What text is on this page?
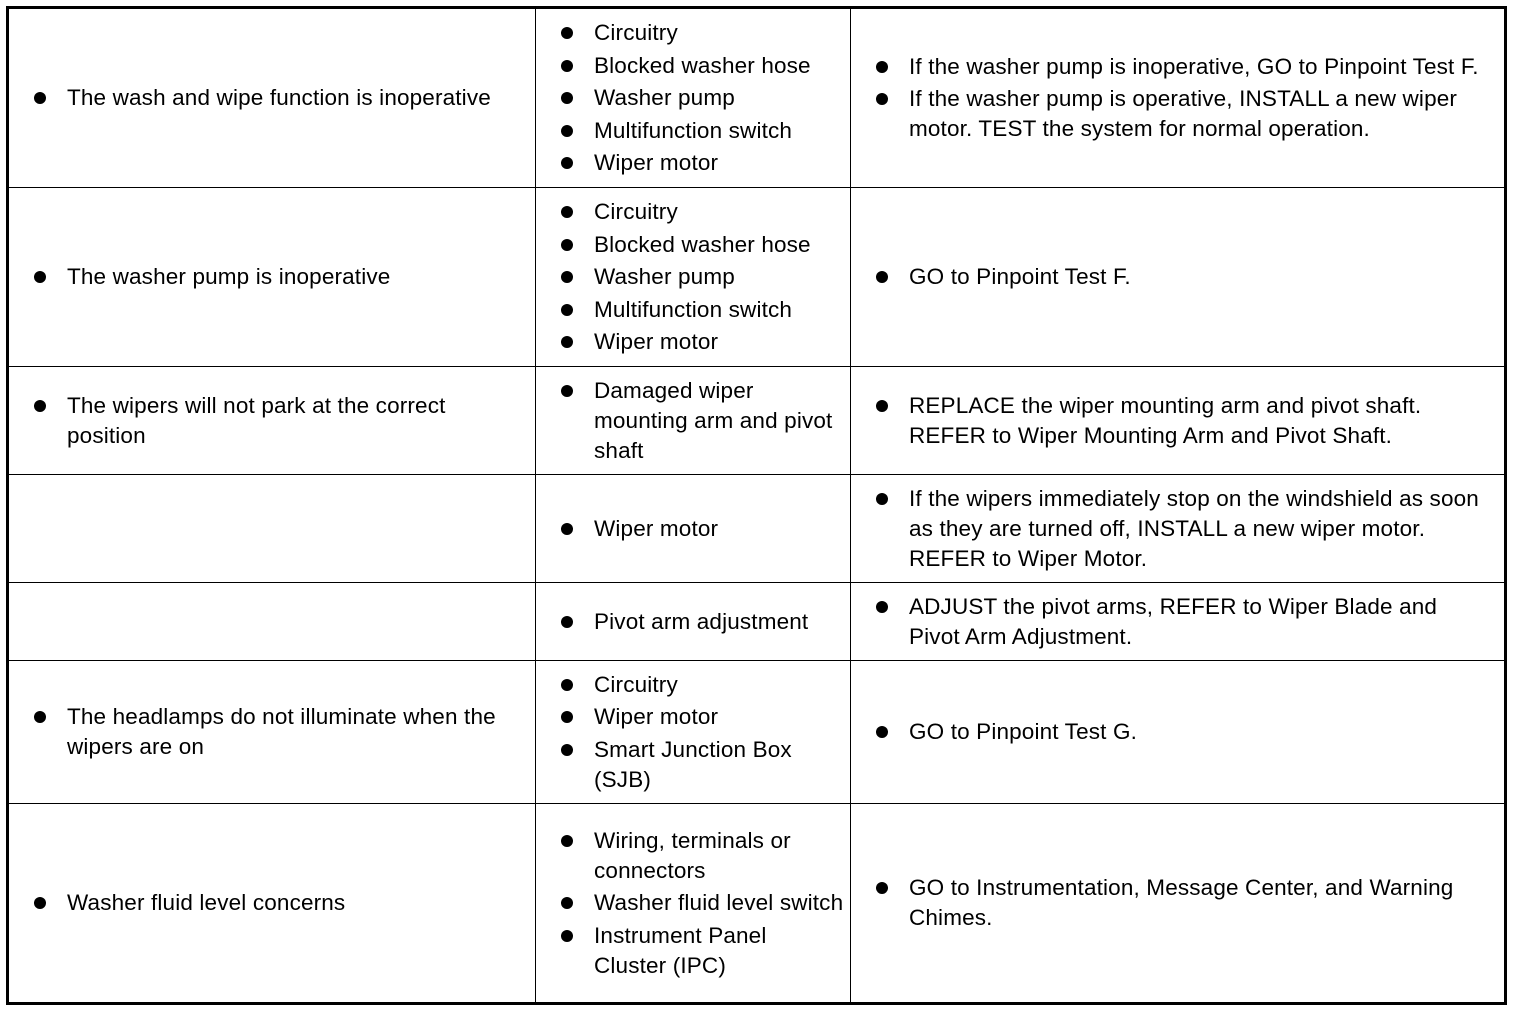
The wash and wipe function is inoperative
Circuitry
Blocked washer hose
Washer pump
Multifunction switch
Wiper motor
If the washer pump is inoperative, GO to Pinpoint Test F.
If the washer pump is operative, INSTALL a new wiper motor. TEST the system for normal operation.
The washer pump is inoperative
Circuitry
Blocked washer hose
Washer pump
Multifunction switch
Wiper motor
GO to Pinpoint Test F.
The wipers will not park at the correct position
Damaged wiper mounting arm and pivot shaft
REPLACE the wiper mounting arm and pivot shaft. REFER to Wiper Mounting Arm and Pivot Shaft.
Wiper motor
If the wipers immediately stop on the windshield as soon as they are turned off, INSTALL a new wiper motor. REFER to Wiper Motor.
Pivot arm adjustment
ADJUST the pivot arms, REFER to Wiper Blade and Pivot Arm Adjustment.
The headlamps do not illuminate when the wipers are on
Circuitry
Wiper motor
Smart Junction Box (SJB)
GO to Pinpoint Test G.
Washer fluid level concerns
Wiring, terminals or connectors
Washer fluid level switch
Instrument Panel Cluster (IPC)
GO to Instrumentation, Message Center, and Warning Chimes.
